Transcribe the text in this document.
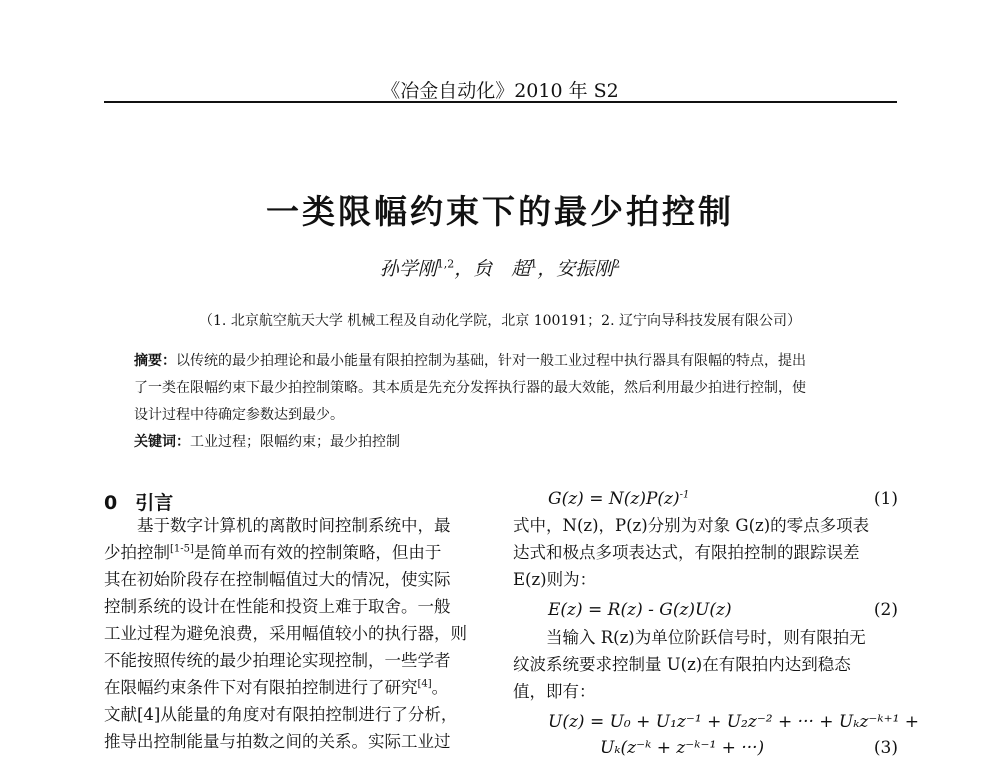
《冶金自动化》2010 年 S2
一类限幅约束下的最少拍控制
孙学刚$^{1,2}$，贠　超$^1$，安振刚$^2$
（1. 北京航空航天大学 机械工程及自动化学院，北京 100191；2. 辽宁向导科技发展有限公司）
摘要：以传统的最少拍理论和最小能量有限拍控制为基础，针对一般工业过程中执行器具有限幅的特点，提出
了一类在限幅约束下最少拍控制策略。其本质是先充分发挥执行器的最大效能，然后利用最少拍进行控制，使
设计过程中待确定参数达到最少。
关键词：工业过程；限幅约束；最少拍控制
0 引言
　　基于数字计算机的离散时间控制系统中，最
少拍控制[1-5]是简单而有效的控制策略，但由于
其在初始阶段存在控制幅值过大的情况，使实际
控制系统的设计在性能和投资上难于取舍。一般
工业过程为避免浪费，采用幅值较小的执行器，则
不能按照传统的最少拍理论实现控制，一些学者
在限幅约束条件下对有限拍控制进行了研究[4]。
文献[4]从能量的角度对有限拍控制进行了分析，
推导出控制能量与拍数之间的关系。实际工业过
$G(z) = N(z)P(z)^{-1}$	(1)
式中，N(z)，P(z)分别为对象 G(z)的零点多项表
达式和极点多项表达式，有限拍控制的跟踪误差
E(z)则为：
E(z) = R(z) - G(z)U(z)	(2)
　　当输入 R(z)为单位阶跃信号时，则有限拍无
纹波系统要求控制量 U(z)在有限拍内达到稳态
值，即有：
U(z) = U₀ + U₁z⁻¹ + U₂z⁻² + ··· + Uₖz⁻ᵏ⁺¹ +
Uₖ(z⁻ᵏ + z⁻ᵏ⁻¹ + ···)	(3)
